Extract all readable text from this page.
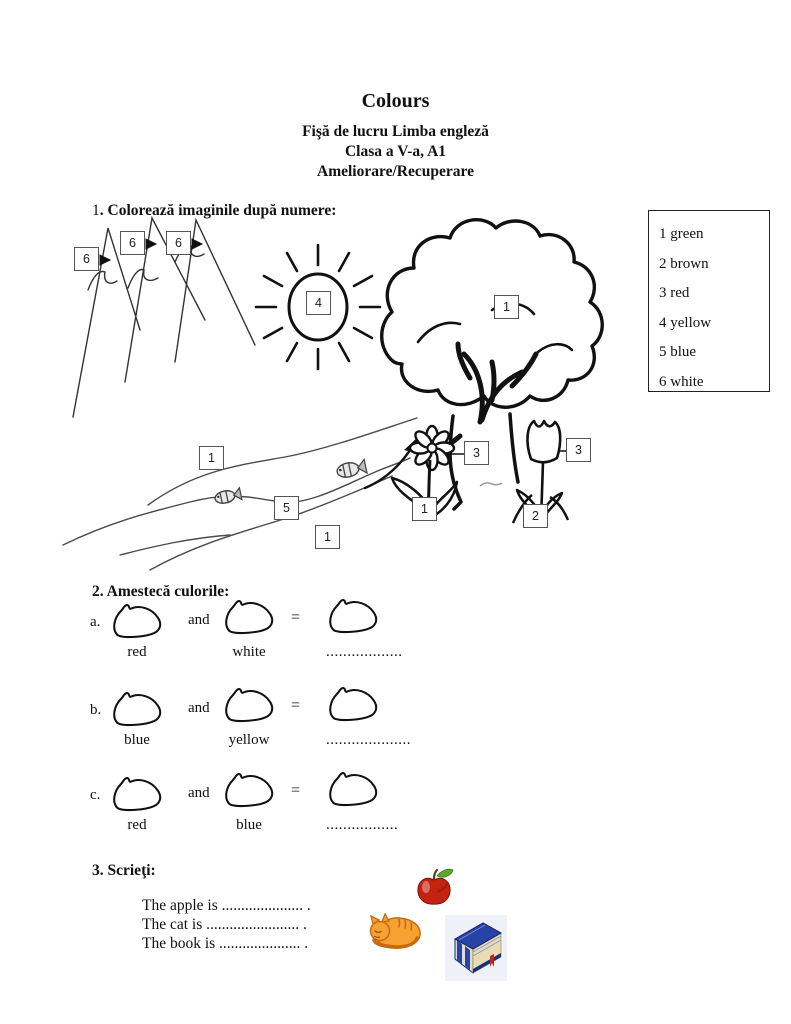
Colours

Fişă de lucru Limba engleză

Clasa a V-a, A1

Ameliorare/Recuperare

1. Colorează imaginile după numere:
1 green
2 brown
3 red
4 yellow
5 blue
6 white
6
6	6
4	1
1
5
1
3
1
3
2
2. Amestecă culorile:
a.	and	=
red	white	..................
b.	and	=
blue	yellow	....................
c.	and	=
red	blue	.................
3. Scrieţi:
The apple is ..................... .
The cat is ........................ .
The book is ..................... .
